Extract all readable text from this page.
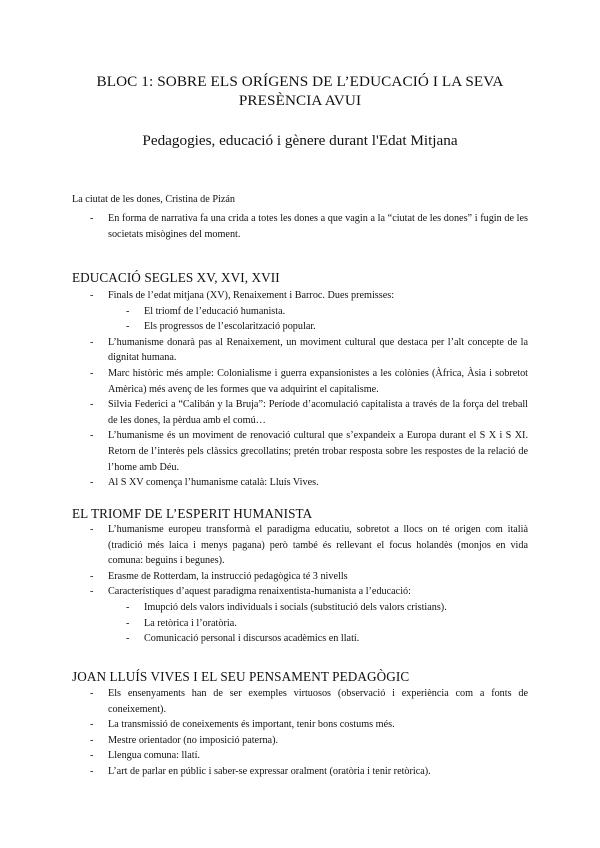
BLOC 1: SOBRE ELS ORÍGENS DE L’EDUCACIÓ I LA SEVA
PRESÈNCIA AVUI
Pedagogies, educació i gènere durant l'Edat Mitjana
La ciutat de les dones, Cristina de Pizán
- En forma de narrativa fa una crida a totes les dones a que vagin a la “ciutat de les dones” i fugin de les societats misògines del moment.
EDUCACIÓ SEGLES XV, XVI, XVII
- Finals de l’edat mitjana (XV), Renaixement i Barroc. Dues premisses:
- El triomf de l’educació humanista.
- Els progressos de l’escolarització popular.
- L’humanisme donarà pas al Renaixement, un moviment cultural que destaca per l’alt concepte de la dignitat humana.
- Marc històric més ample: Colonialisme i guerra expansionistes a les colònies (Àfrica, Àsia i sobretot Amèrica) més avenç de les formes que va adquirint el capitalisme.
- Silvia Federici a “Calibán y la Bruja”: Període d’acomulació capitalista a través de la força del treball de les dones, la pèrdua amb el comú…
- L’humanisme és un moviment de renovació cultural que s’expandeix a Europa durant el S X i S XI. Retorn de l’interès pels clàssics grecollatins; pretén trobar resposta sobre les respostes de la relació de l’home amb Déu.
- Al S XV comença l’humanisme català: Lluís Vives.
EL TRIOMF DE L’ESPERIT HUMANISTA
- L’humanisme europeu transformà el paradigma educatiu, sobretot a llocs on té origen com italià (tradició més laica i menys pagana) però també és rellevant el focus holandès (monjos en vida comuna: beguins i begunes).
- Erasme de Rotterdam, la instrucció pedagògica té 3 nivells
- Característiques d’aquest paradigma renaixentista-humanista a l’educació:
- Imupció dels valors individuals i socials (substitució dels valors cristians).
- La retòrica i l’oratòria.
- Comunicació personal i discursos acadèmics en llatí.
JOAN LLUÍS VIVES I EL SEU PENSAMENT PEDAGÒGIC
- Els ensenyaments han de ser exemples virtuosos (observació i experiència com a fonts de coneixement).
- La transmissió de coneixements és important, tenir bons costums més.
- Mestre orientador (no imposició paterna).
- Llengua comuna: llatí.
- L’art de parlar en públic i saber-se expressar oralment (oratòria i tenir retòrica).
